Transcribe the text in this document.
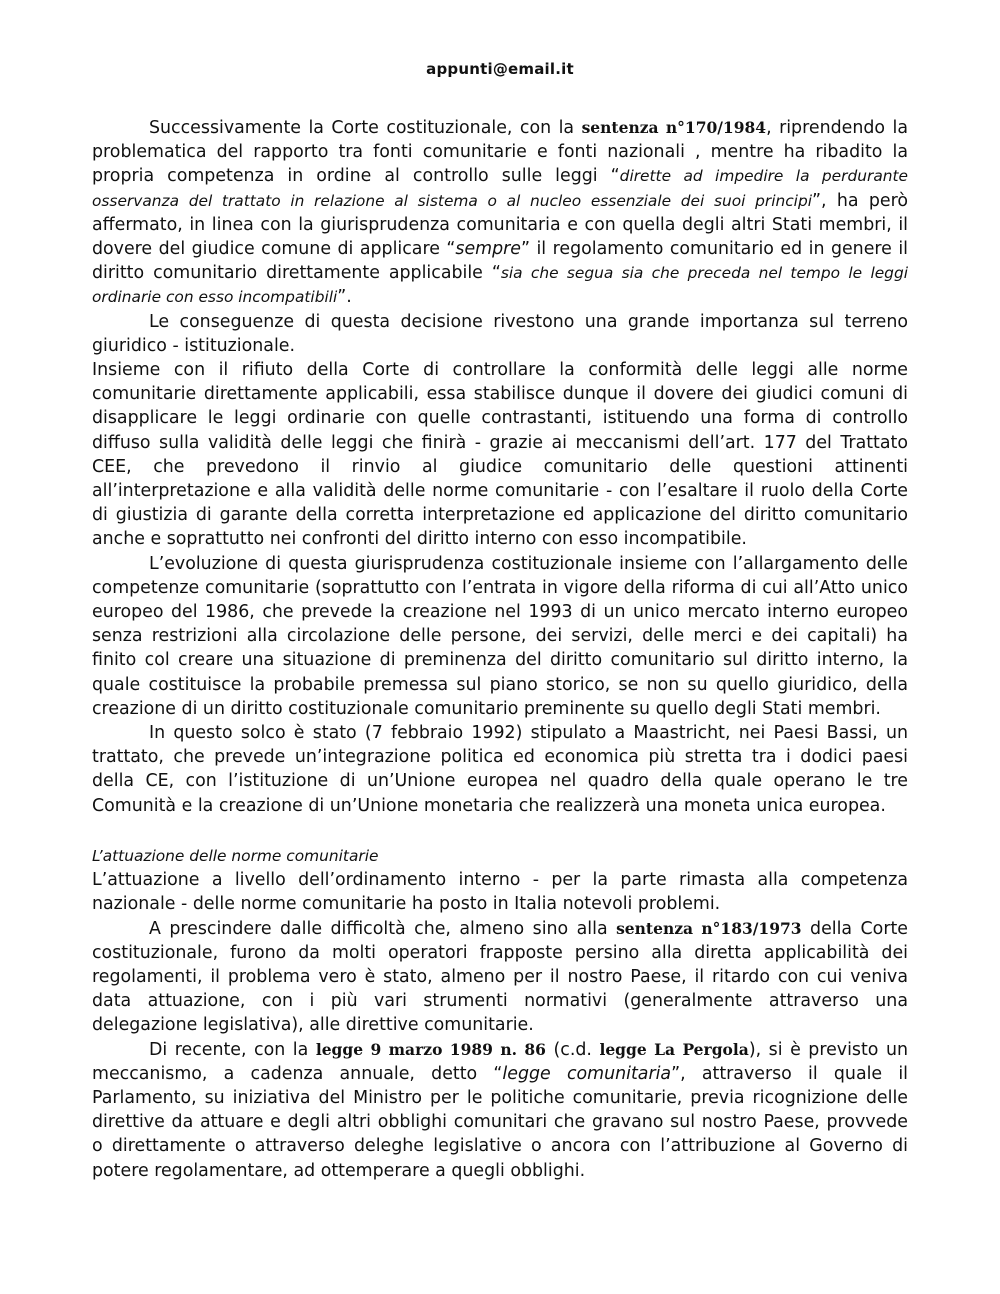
appunti@email.it

Successivamente la Corte costituzionale, con la sentenza n°170/1984, riprendendo la problematica del rapporto tra fonti comunitarie e fonti nazionali , mentre ha ribadito la propria competenza in ordine al controllo sulle leggi “dirette ad impedire la perdurante osservanza del trattato in relazione al sistema o al nucleo essenziale dei suoi principi”, ha però affermato, in linea con la giurisprudenza comunitaria e con quella degli altri Stati membri, il dovere del giudice comune di applicare “sempre” il regolamento comunitario ed in genere il diritto comunitario direttamente applicabile “sia che segua sia che preceda nel tempo le leggi ordinarie con esso incompatibili”.

Le conseguenze di questa decisione rivestono una grande importanza sul terreno giuridico - istituzionale.

Insieme con il rifiuto della Corte di controllare la conformità delle leggi alle norme comunitarie direttamente applicabili, essa stabilisce dunque il dovere dei giudici comuni di disapplicare le leggi ordinarie con quelle contrastanti, istituendo una forma di controllo diffuso sulla validità delle leggi che finirà - grazie ai meccanismi dell’art. 177 del Trattato CEE, che prevedono il rinvio al giudice comunitario delle questioni attinenti all’interpretazione e alla validità delle norme comunitarie - con l’esaltare il ruolo della Corte di giustizia di garante della corretta interpretazione ed applicazione del diritto comunitario anche e soprattutto nei confronti del diritto interno con esso incompatibile.

L’evoluzione di questa giurisprudenza costituzionale insieme con l’allargamento delle competenze comunitarie (soprattutto con l’entrata in vigore della riforma di cui all’Atto unico europeo del 1986, che prevede la creazione nel 1993 di un unico mercato interno europeo senza restrizioni alla circolazione delle persone, dei servizi, delle merci e dei capitali) ha finito col creare una situazione di preminenza del diritto comunitario sul diritto interno, la quale costituisce la probabile premessa sul piano storico, se non su quello giuridico, della creazione di un diritto costituzionale comunitario preminente su quello degli Stati membri.

In questo solco è stato (7 febbraio 1992) stipulato a Maastricht, nei Paesi Bassi, un trattato, che prevede un’integrazione politica ed economica più stretta tra i dodici paesi della CE, con l’istituzione di un’Unione europea nel quadro della quale operano le tre Comunità e la creazione di un’Unione monetaria che realizzerà una moneta unica europea.

L’attuazione delle norme comunitarie

L’attuazione a livello dell’ordinamento interno - per la parte rimasta alla competenza nazionale - delle norme comunitarie ha posto in Italia notevoli problemi.

A prescindere dalle difficoltà che, almeno sino alla sentenza n°183/1973 della Corte costituzionale, furono da molti operatori frapposte persino alla diretta applicabilità dei regolamenti, il problema vero è stato, almeno per il nostro Paese, il ritardo con cui veniva data attuazione, con i più vari strumenti normativi (generalmente attraverso una delegazione legislativa), alle direttive comunitarie.

Di recente, con la legge 9 marzo 1989 n. 86 (c.d. legge La Pergola), si è previsto un meccanismo, a cadenza annuale, detto “legge comunitaria”, attraverso il quale il Parlamento, su iniziativa del Ministro per le politiche comunitarie, previa ricognizione delle direttive da attuare e degli altri obblighi comunitari che gravano sul nostro Paese, provvede o direttamente o attraverso deleghe legislative o ancora con l’attribuzione al Governo di potere regolamentare, ad ottemperare a quegli obblighi.
